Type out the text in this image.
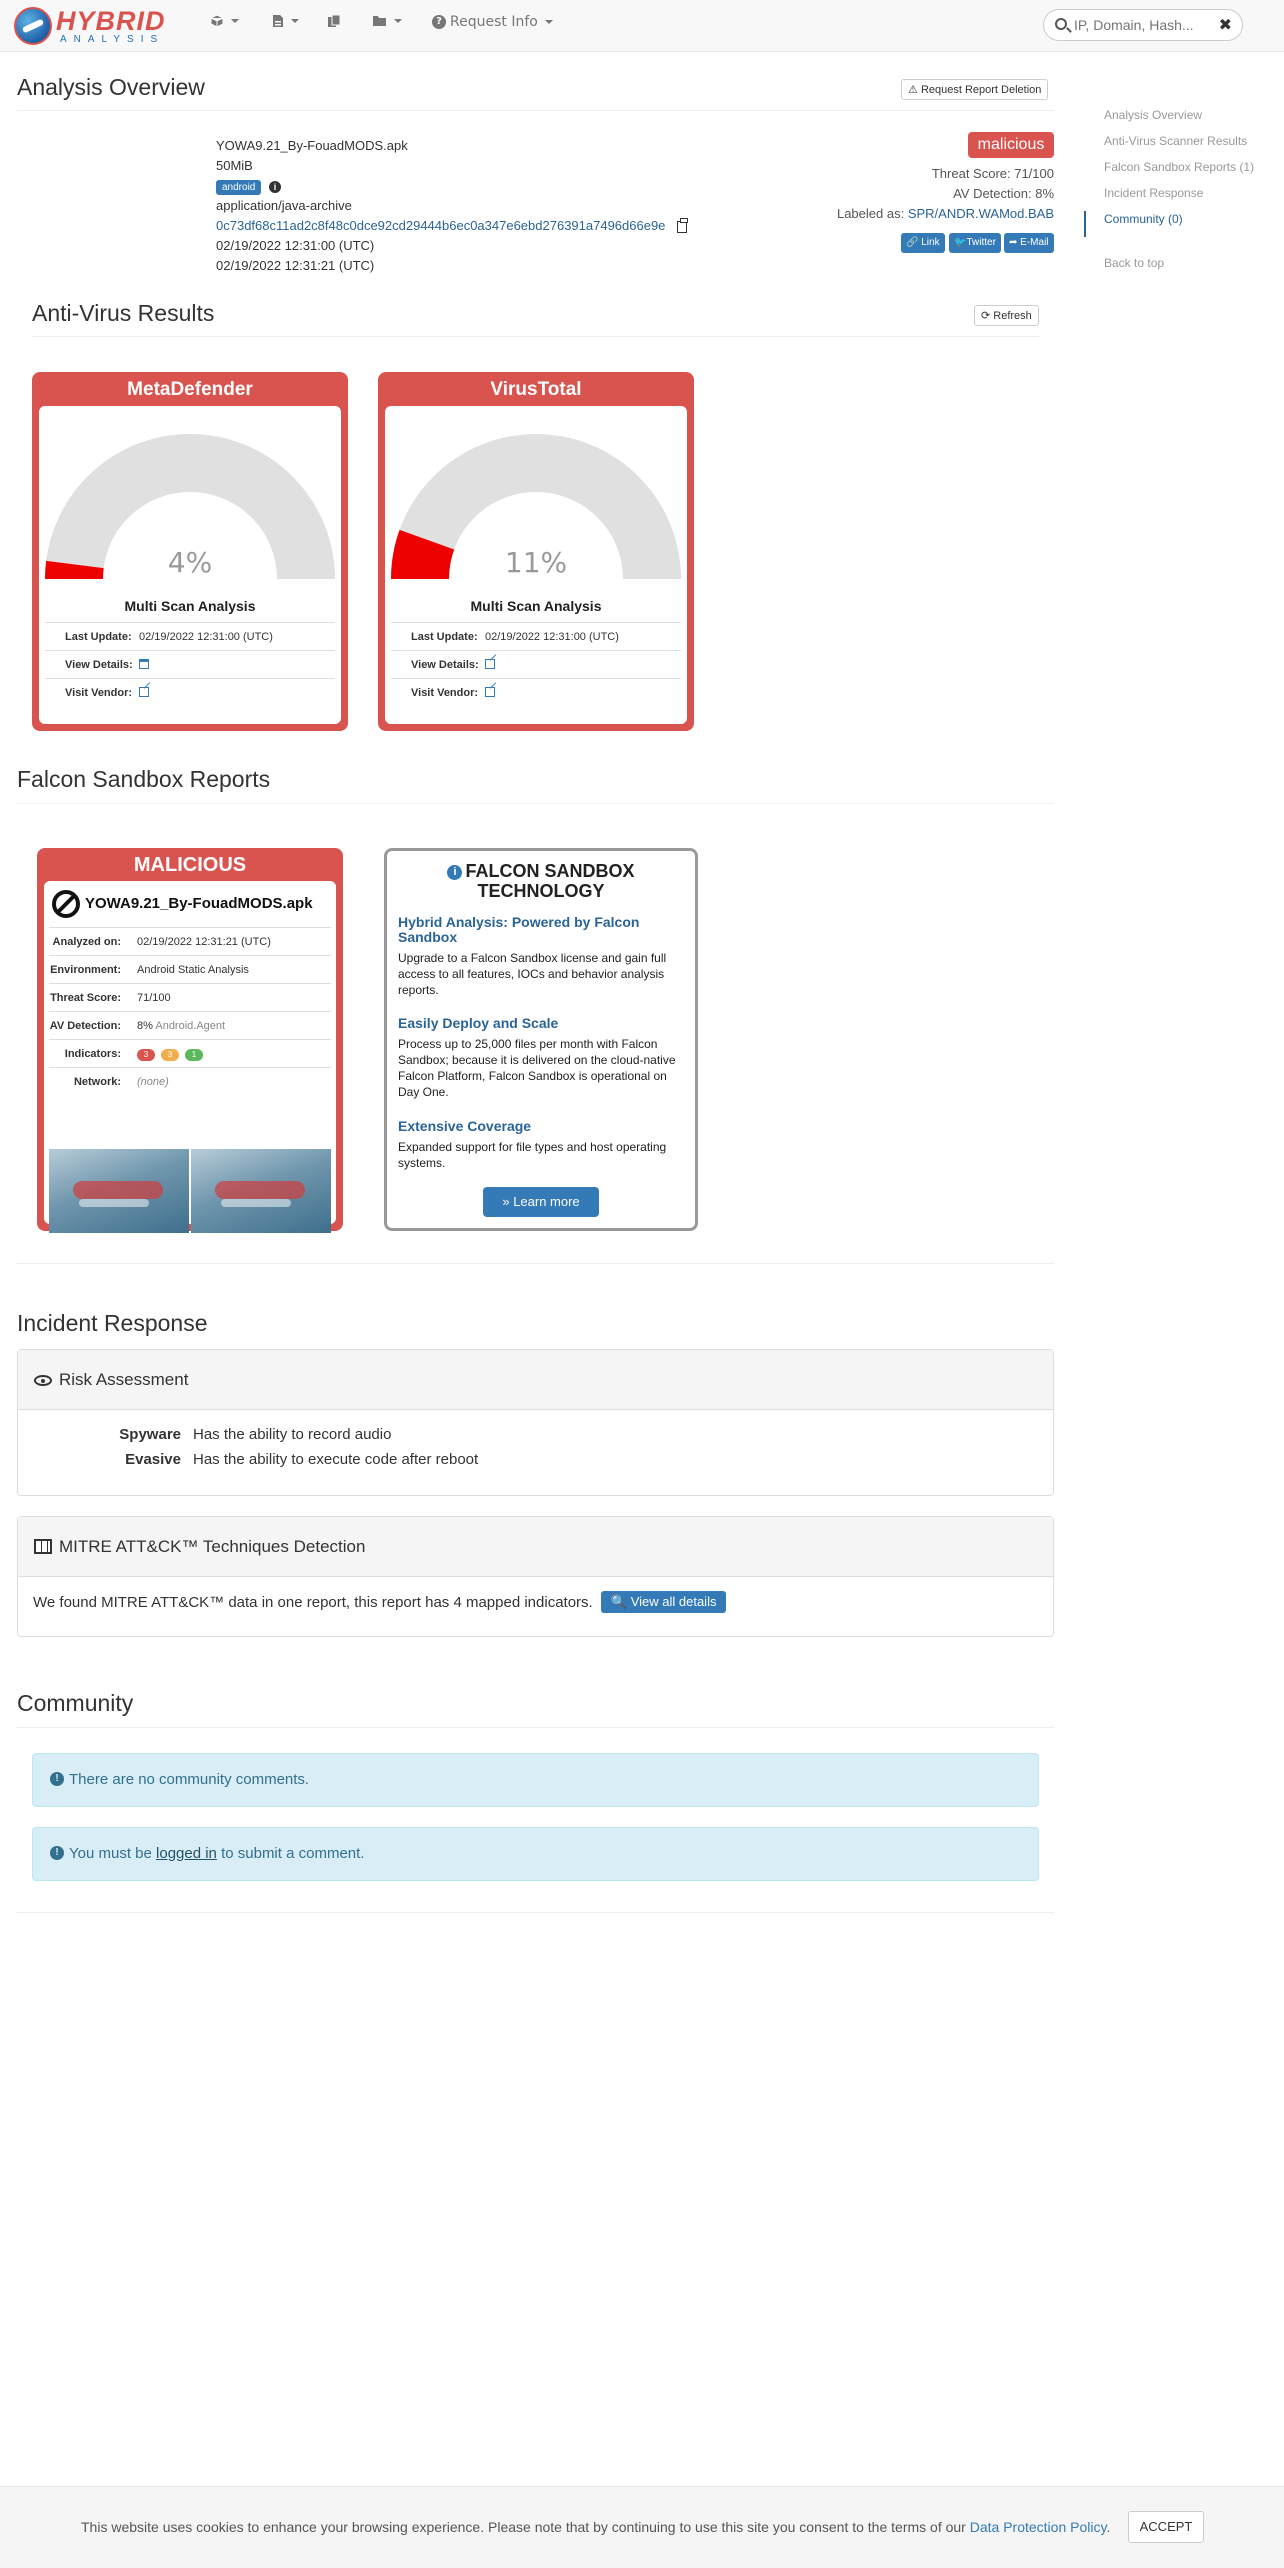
HYBRID
ANALYSIS
? Request Info
IP, Domain, Hash...	✖
Analysis Overview	⚠ Request Report Deletion
YOWA9.21_By-FouadMODS.apk
50MiB
android i
application/java-archive
0c73df68c11ad2c8f48c0dce92cd29444b6ec0a347e6ebd276391a7496d66e9e
02/19/2022 12:31:00 (UTC)
02/19/2022 12:31:21 (UTC)
malicious
Threat Score: 71/100
AV Detection: 8%
Labeled as: SPR/ANDR.WAMod.BAB
🔗 Link	🐦Twitter	➦ E-Mail
Analysis Overview
Anti-Virus Scanner Results
Falcon Sandbox Reports (1)
Incident Response
Community (0)
Back to top
Anti-Virus Results	⟳ Refresh
MetaDefender
4%
Multi Scan Analysis
Last Update: 02/19/2022 12:31:00 (UTC)
View Details:
Visit Vendor:
VirusTotal
11%
Multi Scan Analysis
Last Update: 02/19/2022 12:31:00 (UTC)
View Details:
Visit Vendor:
Falcon Sandbox Reports
MALICIOUS
YOWA9.21_By-FouadMODS.apk
Analyzed on: 02/19/2022 12:31:21 (UTC)
Environment: Android Static Analysis
Threat Score: 71/100
AV Detection: 8% Android.Agent
Indicators:	3 3 1
Network: (none)
i FALCON SANDBOX
TECHNOLOGY
Hybrid Analysis: Powered by Falcon Sandbox
Upgrade to a Falcon Sandbox license and gain full access to all features, IOCs and behavior analysis reports.
Easily Deploy and Scale
Process up to 25,000 files per month with Falcon Sandbox; because it is delivered on the cloud-native Falcon Platform, Falcon Sandbox is operational on Day One.
Extensive Coverage
Expanded support for file types and host operating systems.
» Learn more
Incident Response
Risk Assessment
Spyware Has the ability to record audio
Evasive Has the ability to execute code after reboot
MITRE ATT&CK™ Techniques Detection
We found MITRE ATT&CK™ data in one report, this report has 4 mapped indicators. 🔍 View all details
Community
! There are no community comments.
! You must be logged in to submit a comment.
This website uses cookies to enhance your browsing experience. Please note that by continuing to use this site you consent to the terms of our Data Protection Policy.	ACCEPT
